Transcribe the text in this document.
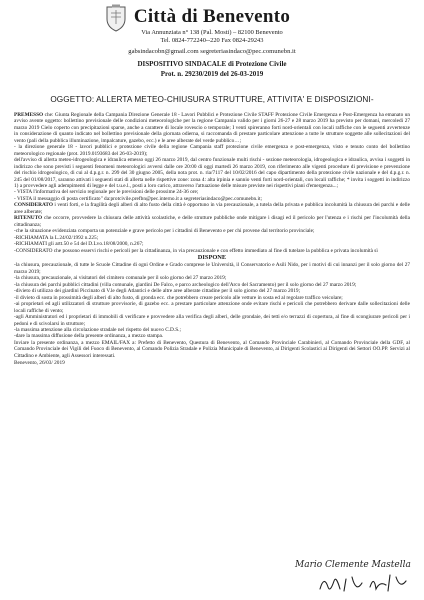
Città di Benevento
Via Annunziata n° 138 (Pal. Mosti) – 82100 Benevento
Tel. 0824-772240--220 Fax 0824-29243
gabsindacobn@gmail.com segreteriasindaco@pec.comunebn.it
DISPOSITIVO SINDACALE di Protezione Civile
Prot. n. 29230/2019 del 26-03-2019
OGGETTO: ALLERTA METEO-CHIUSURA STRUTTURE, ATTIVITA' E DISPOSIZIONI-

PREMESSO che: Giunta Regionale della Campania Direzione Generale 18 - Lavori Pubblici e Protezione Civile STAFF Protezione Civile Emergenza e Post-Emergenza ha emanato un avviso avente oggetto: bollettino previsionale delle condizioni meteorologiche per la regione Campania valido per i giorni 26-27 e 28 marzo 2019 ha previsto per domani, mercoledì 27 marzo 2019 Cielo coperto con precipitazioni sparse, anche a carattere di locale rovescio o temporale; I venti spireranno forti nord-orientali con locali raffiche con le seguenti avvertenze in considerazione di quanto indicato nel bollettino previsionale della giornata odierna, si raccomanda di prestare particolare attenzione a tutte le strutture soggette alle sollecitazioni del vento (pali della pubblica illuminazione, impalcature, gazebo, ecc.) e le aree alberate del verde pubblico…;

- la direzione generale 18 - lavori pubblici e protezione civile della regione Campania staff protezione civile emergenza e post-emergenza, visto e tenuto conto del bollettino meteorologico regionale (prot. 2019.0193683 del 26-03-2019);

dell'avviso di allerta meteo-idrogeologica e idraulica emesso oggi 26 marzo 2019, dal centro funzionale multi rischi - sezione meteorologia, idrogeologica e idraulica, avvisa i soggetti in indirizzo che sono previsti i seguenti fenomeni meteorologici avversi dalle ore 20:00 di oggi martedì 26 marzo 2019, con riferimento alle vigenti procedure di previsione e prevenzione del rischio idrogeologico, di cui al d.p.g.r. n. 299 del 30 giugno 2005, della nota prot. n. ria/7117 del 10/02/2016 del capo dipartimento della protezione civile nazionale e del d.p.g.r. n. 245 del 01/08/2017, saranno attivati i seguenti stati di allerta nelle rispettive zone: zona 4: alta irpinia e sannio venti forti nord-orientali, con locali raffiche; * invita i soggetti in indirizzo 1) a provvedere agli adempimenti di legge e del t.u.e.l., posti a loro carico, attraverso l'attuazione delle misure previste nei rispettivi piani d'emergenza...;

- VISTA l'informativa del servizio regionale per le previsioni delle prossime 24-36 ore;

- VISTA il messaggio di posta certificato" da:protcivile.prefbn@pec.interno.it a segreteriasindaco@pec.comunebn.it;

CONSIDERATO i venti forti, e la fragilità degli alberi di alto fusto della città è opportuno in via precauzionale, a tutela della privata e pubblica incolumità la chiusura dei parchi e delle aree alberate;

RITENUTO che occorre, provvedere la chiusura delle attività scolastiche, e delle strutture pubbliche onde mitigare i disagi ed il pericolo per l'utenza e i rischi per l'incolumità della cittadinanza;

-che la situazione evidenziata comporta un potenziale e grave pericolo per i cittadini di Benevento e per chi provene dal territorio provinciale;

-RICHIAMATA la L.24/02/1992 n.225;

-RICHIAMATI gli artt.50 e 54 del D.Lvo.18/08/2000, n.267;

-CONSIDERATO che possono esservi rischi e pericoli per la cittadinanza, in via precauzionale e con effetto immediato al fine di tutelare la pubblica e privata incolumità sì

DISPONE

-la chiusura, precauzionale, di tutte le Scuole Cittadine di ogni Ordine e Grado comprese le Università, il Conservatorio e Asili Nido, per i motivi di cui innanzi per il solo giorno del 27 marzo 2019;

-la chiusura, precauzionale, ai visitatori del cimitero comunale per il solo giorno del 27 marzo 2019;

-la chiusura dei parchi pubblici cittadini (villa comunale, giardini De Falco, e parco archeologico dell'Arco del Sacramento) per il solo giorno del 27 marzo 2019;

-divieto di utilizzo dei giardini Piccinato di V.le degli Atlantici e delle altre aree alberate cittadine per il solo giorno del 27 marzo 2019;

-il divieto di sosta in prossimità degli alberi di alto fusto, di gronda ecc. che potrebbero creare pericolo alle vetture in sosta ed al regolare traffico veicolare;

-ai proprietari ed agli utilizzatori di strutture provvisorie, di gazebo ecc. a prestare particolare attenzione onde evitare rischi e pericoli che potrebbero derivare dalle sollecitazioni delle locali raffiche di vento;

-agli Amministratori ed i proprietari di immobili di verificare e provvedere alla verifica degli alberi, delle grondaie, dei tetti e/o terrazzi di copertura, al fine di scongiurare pericoli per i pedoni e di scivolarsi in strutture;

-la massima attenzione alla circolazione stradale nel rispetto del nuovo C.D.S.;

-dare la massima diffusione della presente ordinanza, a mezzo stampa.

Inviare la presente ordinanza, a mezzo EMAIL/FAX a: Prefetto di Benevento, Questura di Benevento, al Comando Provinciale Carabinieri, al Comando Provinciale della GDF, al Comando Provinciale dei Vigili del Fuoco di Benevento, al Comando Polizia Stradale e Polizia Municipale di Benevento, ai Dirigenti Scolastici ai Dirigenti dei Settori OO.PP. Servizi al Cittadino e Ambiente, agli Assessori interessati.

Benevento, 26/03/ 2019

Mario Clemente Mastella
